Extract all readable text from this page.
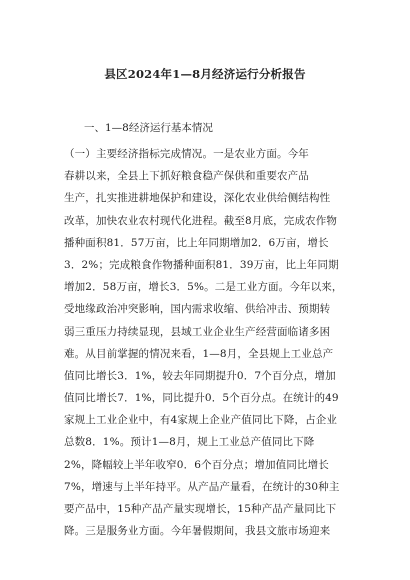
县区2024年1—8月经济运行分析报告

一、1—8经济运行基本情况

（一）主要经济指标完成情况。一是农业方面。今年
春耕以来，全县上下抓好粮食稳产保供和重要农产品
生产，扎实推进耕地保护和建设，深化农业供给侧结构性
改革，加快农业农村现代化进程。截至8月底，完成农作物
播种面积81．57万亩，比上年同期增加2．6万亩，增长
3．2%；完成粮食作物播种面积81．39万亩，比上年同期
增加2．58万亩，增长3．5%。二是工业方面。今年以来，
受地缘政治冲突影响，国内需求收缩、供给冲击、预期转
弱三重压力持续显现，县域工业企业生产经营面临诸多困
难。从目前掌握的情况来看，1—8月，全县规上工业总产
值同比增长3．1%，较去年同期提升0．7个百分点，增加
值同比增长7．1%，同比提升0．5个百分点。在统计的49
家规上工业企业中，有4家规上企业产值同比下降，占企业
总数8．1%。预计1—8月，规上工业总产值同比下降
2%，降幅较上半年收窄0．6个百分点；增加值同比增长
7%，增速与上半年持平。从产品产量看，在统计的30种主
要产品中，15种产品产量实现增长，15种产品产量同比下
降。三是服务业方面。今年暑假期间，我县文旅市场迎来
